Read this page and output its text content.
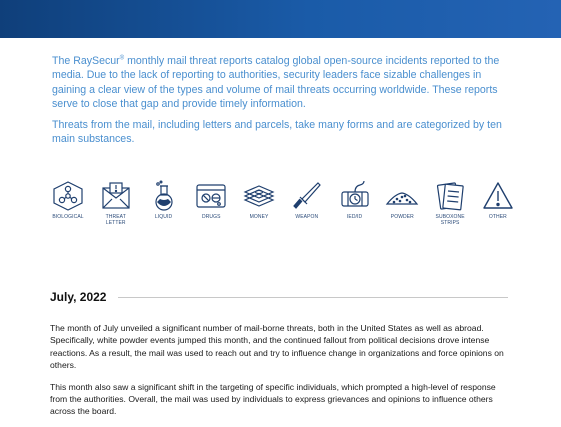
The RaySecur® monthly mail threat reports catalog global open-source incidents reported to the media. Due to the lack of reporting to authorities, security leaders face sizable challenges in gaining a clear view of the types and volume of mail threats occurring worldwide. These reports serve to close that gap and provide timely information.

Threats from the mail, including letters and parcels, take many forms and are categorized by ten main substances.

BIOLOGICAL	THREAT
LETTER
LIQUID	DRUGS	MONEY	WEAPON	IED/ID	POWDER	SUBOXONE
STRIPS
OTHER
July, 2022

The month of July unveiled a significant number of mail-borne threats, both in the United States as well as abroad. Specifically, white powder events jumped this month, and the continued fallout from political decisions drove intense reactions. As a result, the mail was used to reach out and try to influence change in organizations and force opinions on others.

This month also saw a significant shift in the targeting of specific individuals, which prompted a high-level of response from the authorities. Overall, the mail was used by individuals to express grievances and opinions to influence others across the board.
